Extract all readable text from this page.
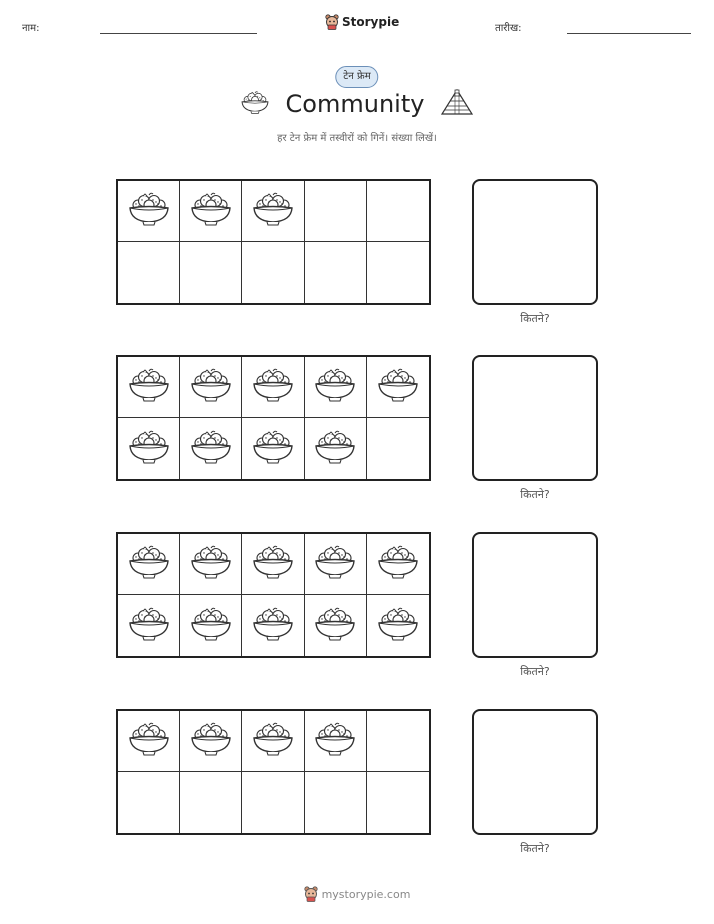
नाम:	Storypie	तारीख:
टेन फ्रेम
Community
हर टेन फ्रेम में तस्वीरों को गिनें। संख्या लिखें।
कितने?
कितने?
कितने?
कितने?
mystorypie.com
